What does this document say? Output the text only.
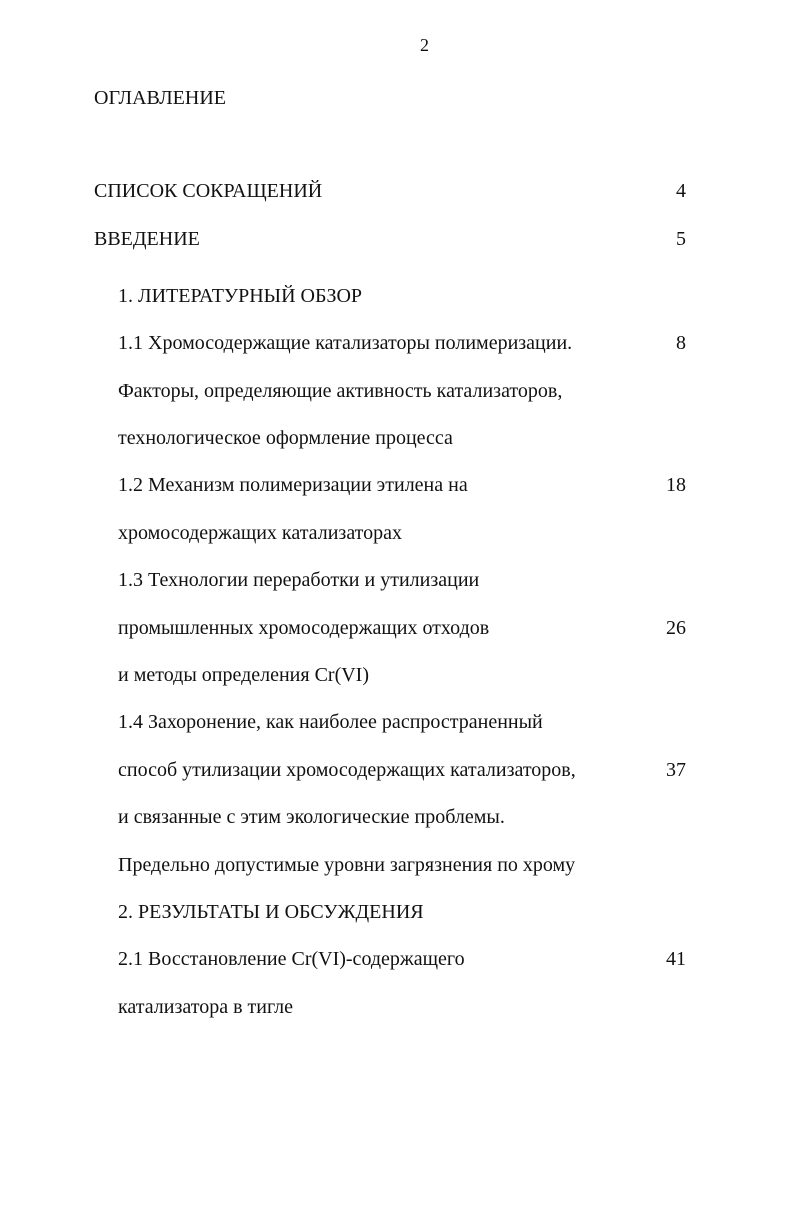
2
ОГЛАВЛЕНИЕ
СПИСОК СОКРАЩЕНИЙ	4
ВВЕДЕНИЕ	5
1. ЛИТЕРАТУРНЫЙ ОБЗОР
1.1 Хромосодержащие катализаторы полимеризации.	8
Факторы, определяющие активность катализаторов,
технологическое оформление процесса
1.2 Механизм полимеризации этилена на	18
хромосодержащих катализаторах
1.3 Технологии переработки и утилизации
промышленных хромосодержащих отходов	26
и методы определения Cr(VI)
1.4 Захоронение, как наиболее распространенный
способ утилизации хромосодержащих катализаторов,	37
и связанные с этим экологические проблемы.
Предельно допустимые уровни загрязнения по хрому
2. РЕЗУЛЬТАТЫ И ОБСУЖДЕНИЯ
2.1 Восстановление Cr(VI)-содержащего	41
катализатора в тигле
